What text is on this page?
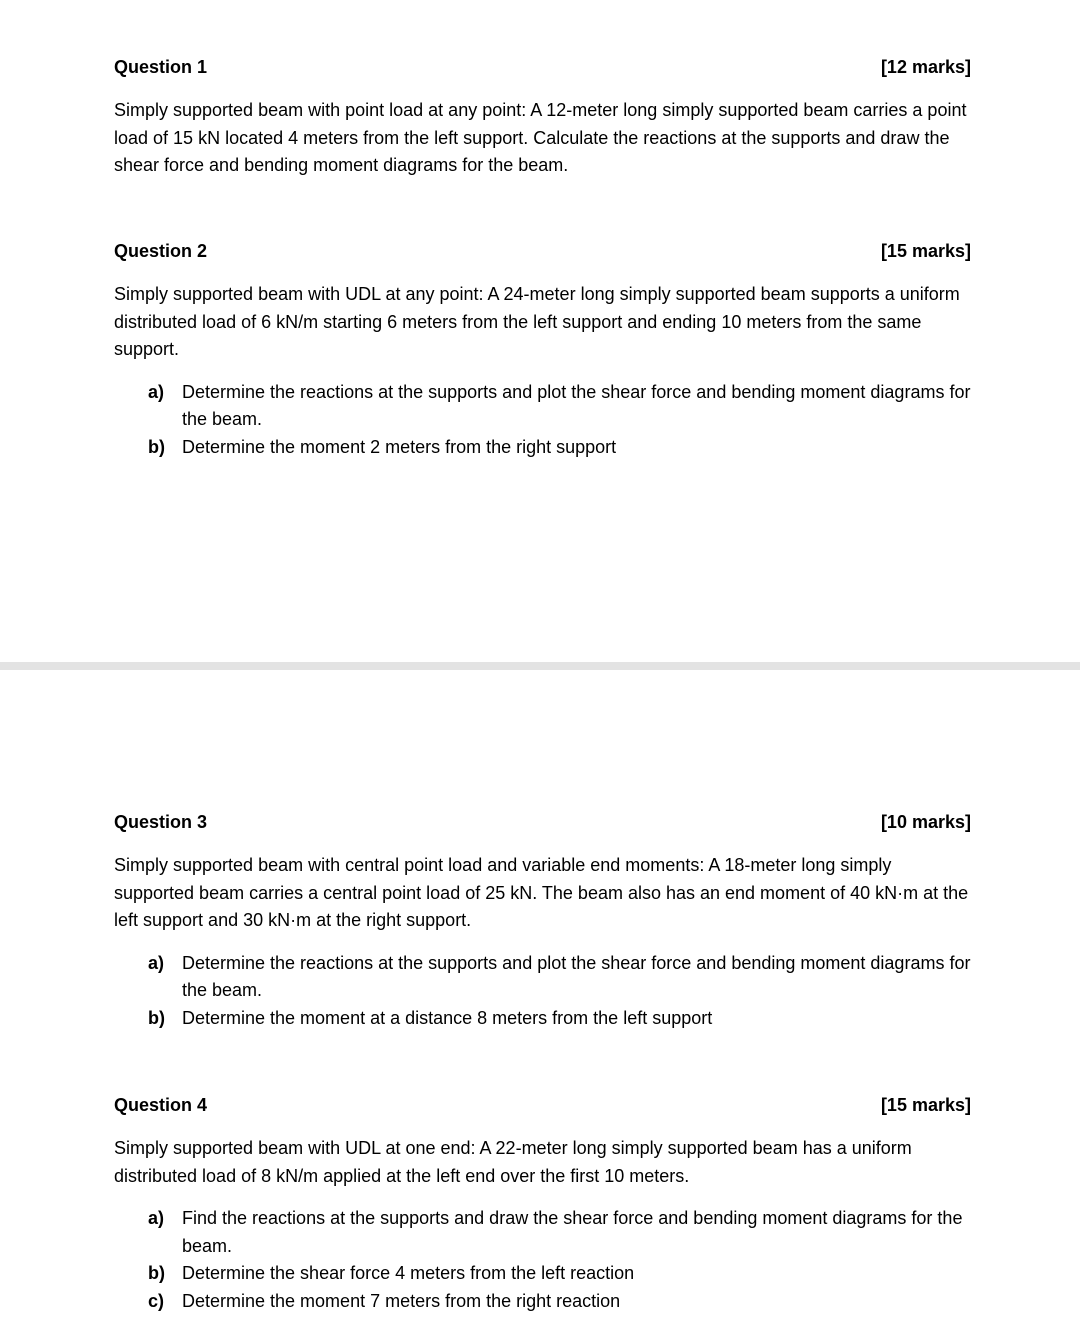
Question 1	[12 marks]
Simply supported beam with point load at any point: A 12-meter long simply supported beam carries a point load of 15 kN located 4 meters from the left support. Calculate the reactions at the supports and draw the shear force and bending moment diagrams for the beam.
Question 2	[15 marks]
Simply supported beam with UDL at any point: A 24-meter long simply supported beam supports a uniform distributed load of 6 kN/m starting 6 meters from the left support and ending 10 meters from the same support.
a) Determine the reactions at the supports and plot the shear force and bending moment diagrams for the beam.
b) Determine the moment 2 meters from the right support
Question 3	[10 marks]
Simply supported beam with central point load and variable end moments: A 18-meter long simply supported beam carries a central point load of 25 kN. The beam also has an end moment of 40 kN·m at the left support and 30 kN·m at the right support.
a) Determine the reactions at the supports and plot the shear force and bending moment diagrams for the beam.
b) Determine the moment at a distance 8 meters from the left support
Question 4	[15 marks]
Simply supported beam with UDL at one end: A 22-meter long simply supported beam has a uniform distributed load of 8 kN/m applied at the left end over the first 10 meters.
a) Find the reactions at the supports and draw the shear force and bending moment diagrams for the beam.
b) Determine the shear force 4 meters from the left reaction
c) Determine the moment 7 meters from the right reaction
